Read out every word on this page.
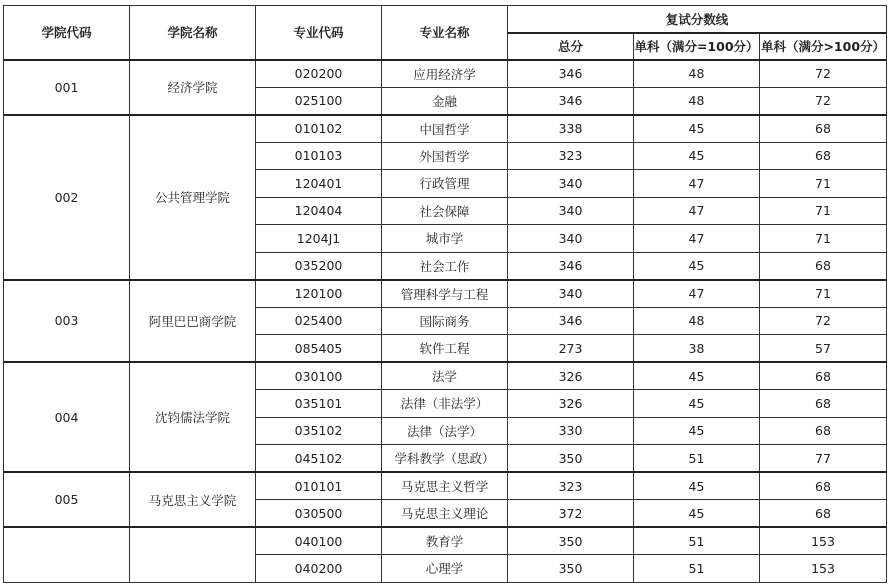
学院代码	学院名称	专业代码	专业名称	复试分数线		
				总分	单科（满分=100分）	单科（满分>100分）
001	经济学院	020200	应用经济学	346	48	72
		025100	金融	346	48	72
002	公共管理学院	010102	中国哲学	338	45	68
		010103	外国哲学	323	45	68
		120401	行政管理	340	47	71
		120404	社会保障	340	47	71
		1204J1	城市学	340	47	71
		035200	社会工作	346	45	68
003	阿里巴巴商学院	120100	管理科学与工程	340	47	71
		025400	国际商务	346	48	72
		085405	软件工程	273	38	57
004	沈钧儒法学院	030100	法学	326	45	68
		035101	法律（非法学）	326	45	68
		035102	法律（法学）	330	45	68
		045102	学科教学（思政）	350	51	77
005	马克思主义学院	010101	马克思主义哲学	323	45	68
		030500	马克思主义理论	372	45	68
		040100	教育学	350	51	153
		040200	心理学	350	51	153
